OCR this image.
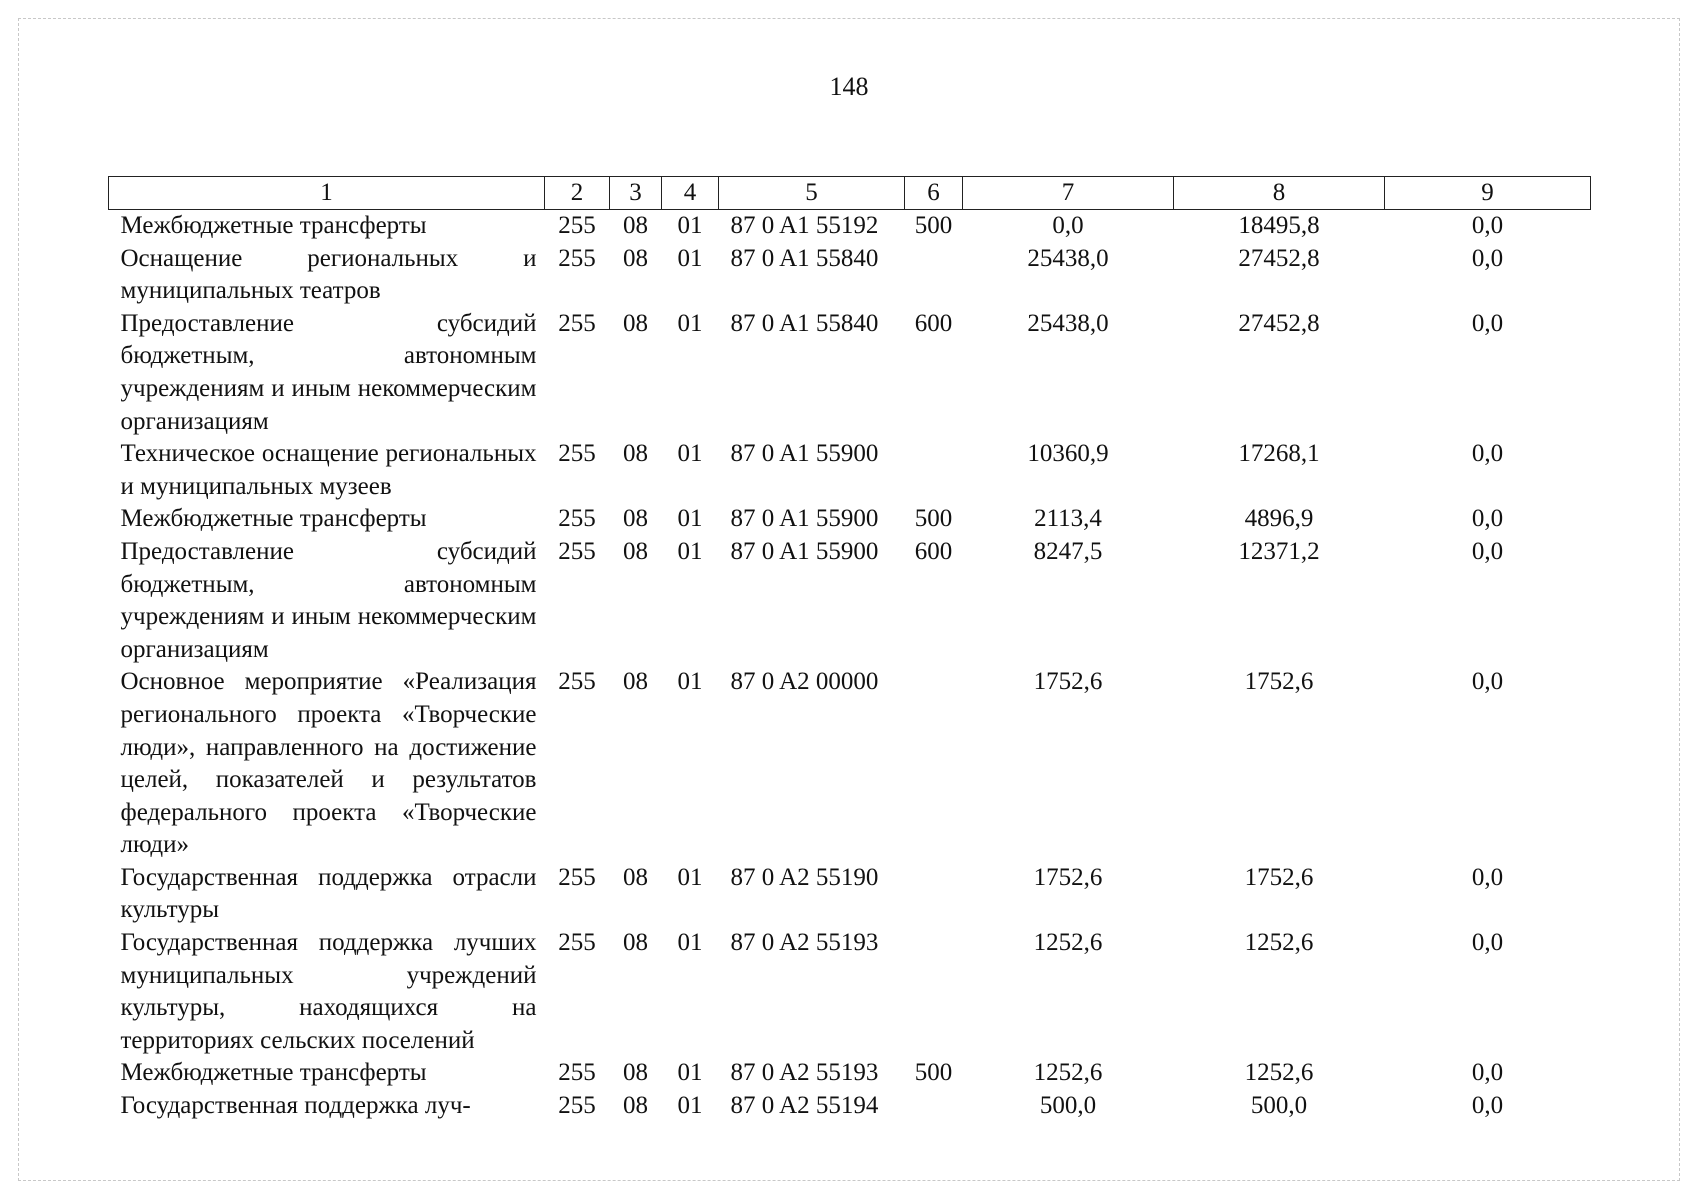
148
1	2	3	4	5	6	7	8	9
Межбюджетные трансферты	255	08	01	87 0 A1 55192	500	0,0	18495,8	0,0
Оснащение региональных и муниципальных театров	255	08	01	87 0 A1 55840		25438,0	27452,8	0,0
Предоставление субсидий бюджетным, автономным учреждениям и иным некоммерческим организациям	255	08	01	87 0 A1 55840	600	25438,0	27452,8	0,0
Техническое оснащение региональных и муниципальных музеев	255	08	01	87 0 A1 55900		10360,9	17268,1	0,0
Межбюджетные трансферты	255	08	01	87 0 A1 55900	500	2113,4	4896,9	0,0
Предоставление субсидий бюджетным, автономным учреждениям и иным некоммерческим организациям	255	08	01	87 0 A1 55900	600	8247,5	12371,2	0,0
Основное мероприятие «Реализация регионального проекта «Творческие люди», направленного на достижение целей, показателей и результатов федерального проекта «Творческие люди»	255	08	01	87 0 A2 00000		1752,6	1752,6	0,0
Государственная поддержка отрасли культуры	255	08	01	87 0 A2 55190		1752,6	1752,6	0,0
Государственная поддержка лучших муниципальных учреждений культуры, находящихся на территориях сельских поселений	255	08	01	87 0 A2 55193		1252,6	1252,6	0,0
Межбюджетные трансферты	255	08	01	87 0 A2 55193	500	1252,6	1252,6	0,0
Государственная поддержка луч-	255	08	01	87 0 A2 55194		500,0	500,0	0,0
